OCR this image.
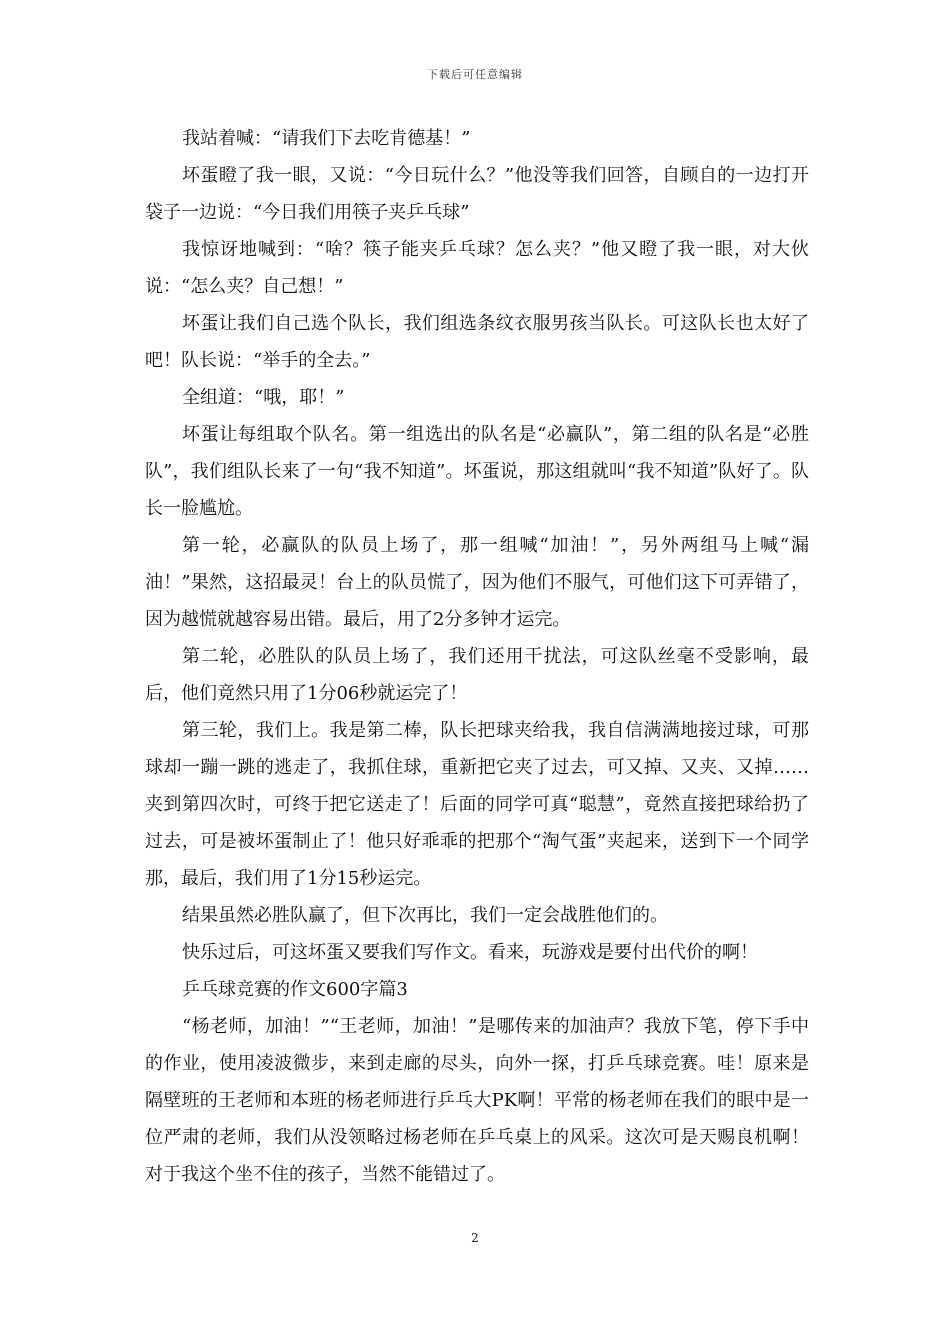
下载后可任意编辑

我站着喊：“请我们下去吃肯德基！”

坏蛋瞪了我一眼，又说：“今日玩什么？”他没等我们回答，自顾自的一边打开袋子一边说：“今日我们用筷子夹乒乓球”

我惊讶地喊到：“啥？筷子能夹乒乓球？怎么夹？”他又瞪了我一眼，对大伙说：“怎么夹？自己想！”

坏蛋让我们自己选个队长，我们组选条纹衣服男孩当队长。可这队长也太好了吧！队长说：“举手的全去。”

全组道：“哦，耶！”

坏蛋让每组取个队名。第一组选出的队名是“必赢队”，第二组的队名是“必胜队”，我们组队长来了一句“我不知道”。坏蛋说，那这组就叫“我不知道”队好了。队长一脸尴尬。

第一轮，必赢队的队员上场了，那一组喊“加油！”，另外两组马上喊“漏油！”果然，这招最灵！台上的队员慌了，因为他们不服气，可他们这下可弄错了，因为越慌就越容易出错。最后，用了2分多钟才运完。

第二轮，必胜队的队员上场了，我们还用干扰法，可这队丝毫不受影响，最后，他们竟然只用了1分06秒就运完了！

第三轮，我们上。我是第二棒，队长把球夹给我，我自信满满地接过球，可那球却一蹦一跳的逃走了，我抓住球，重新把它夹了过去，可又掉、又夹、又掉……夹到第四次时，可终于把它送走了！后面的同学可真“聪慧”，竟然直接把球给扔了过去，可是被坏蛋制止了！他只好乖乖的把那个“淘气蛋”夹起来，送到下一个同学那，最后，我们用了1分15秒运完。

结果虽然必胜队赢了，但下次再比，我们一定会战胜他们的。

快乐过后，可这坏蛋又要我们写作文。看来，玩游戏是要付出代价的啊！

乒乓球竞赛的作文600字篇3

“杨老师，加油！”“王老师，加油！”是哪传来的加油声？我放下笔，停下手中的作业，使用凌波微步，来到走廊的尽头，向外一探，打乒乓球竞赛。哇！原来是隔壁班的王老师和本班的杨老师进行乒乓大PK啊！平常的杨老师在我们的眼中是一位严肃的老师，我们从没领略过杨老师在乒乓桌上的风采。这次可是天赐良机啊！对于我这个坐不住的孩子，当然不能错过了。

2
